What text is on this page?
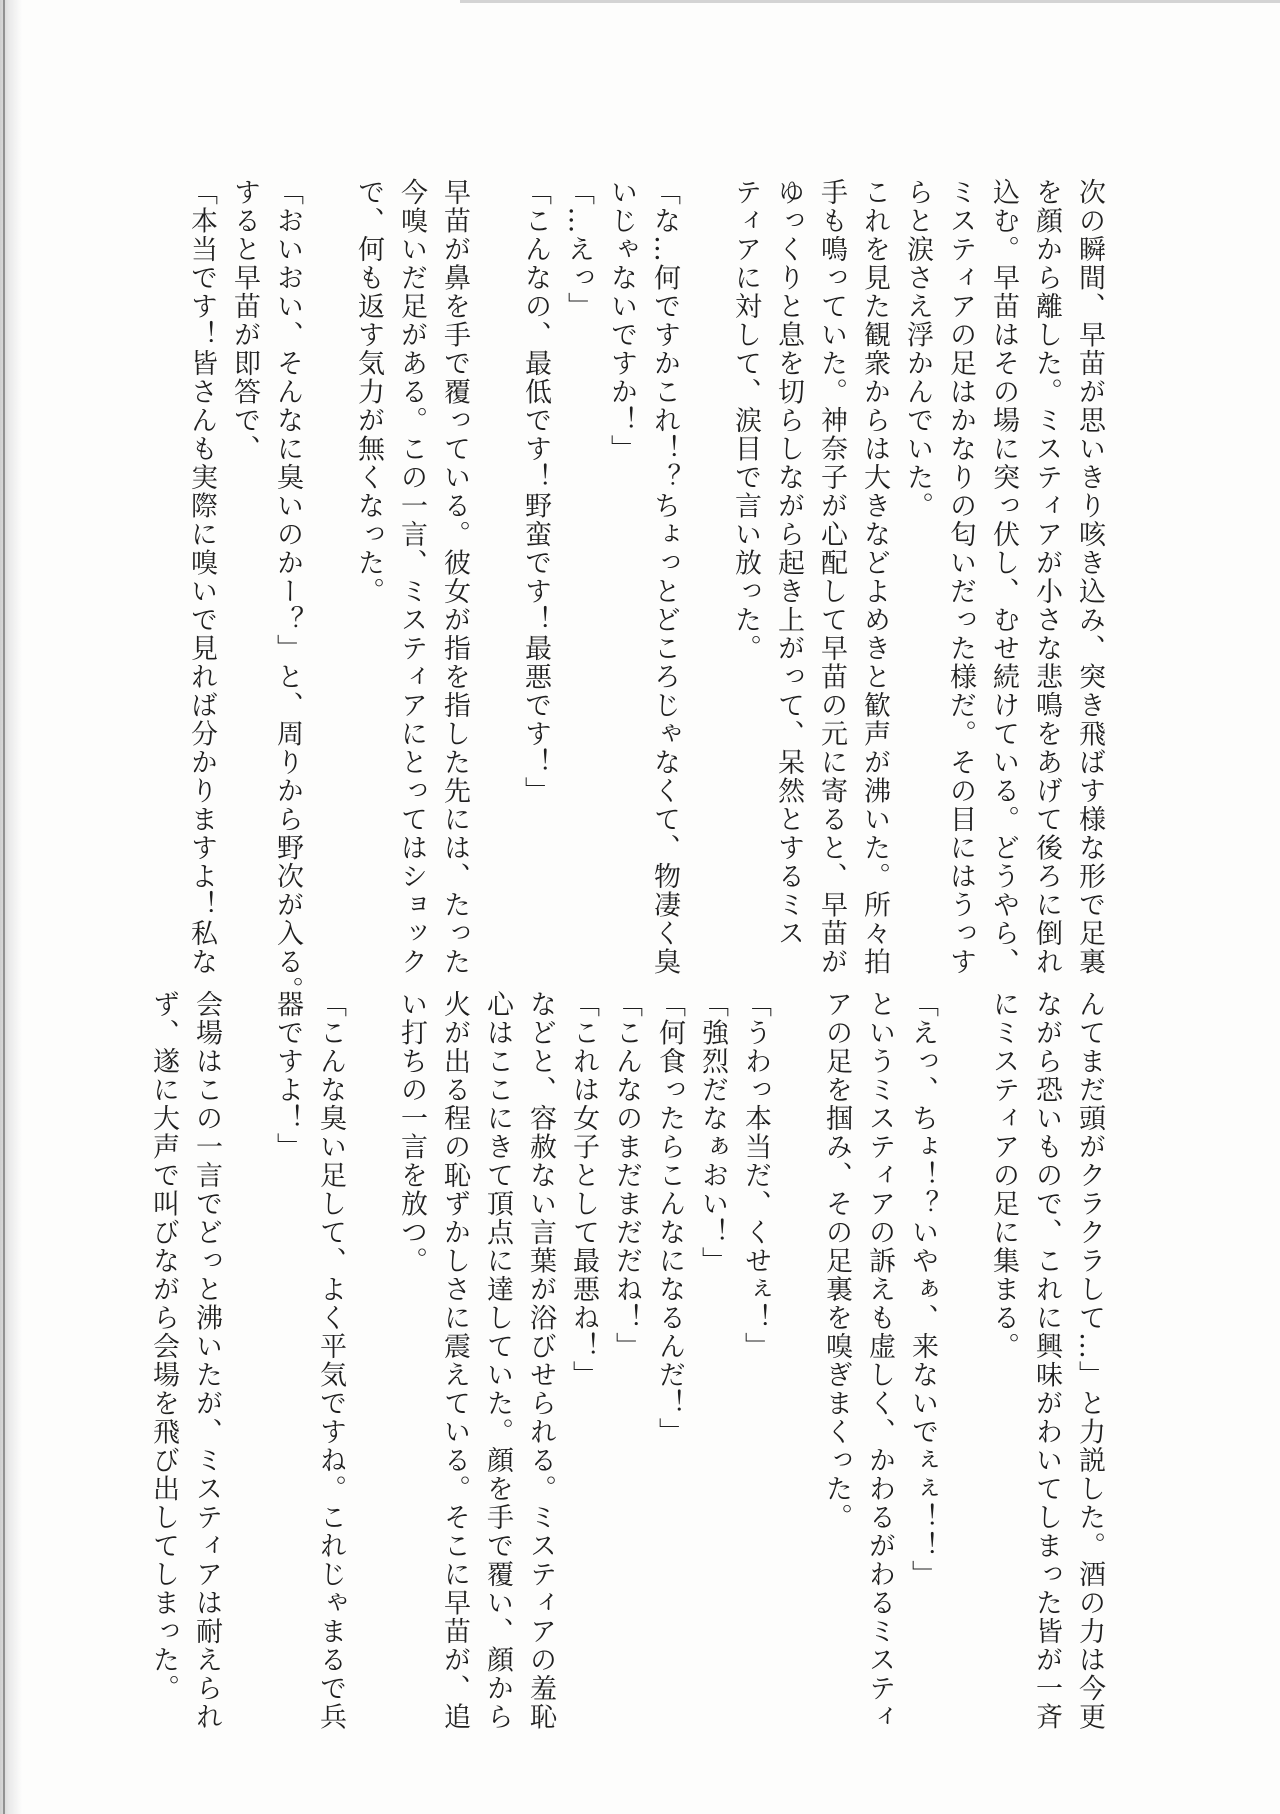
次の瞬間、早苗が思いきり咳き込み、突き飛ばす様な形で足裏
を顔から離した。ミスティアが小さな悲鳴をあげて後ろに倒れ
込む。早苗はその場に突っ伏し、むせ続けている。どうやら、
ミスティアの足はかなりの匂いだった様だ。その目にはうっす
らと涙さえ浮かんでいた。
これを見た観衆からは大きなどよめきと歓声が沸いた。所々拍
手も鳴っていた。神奈子が心配して早苗の元に寄ると、早苗が
ゆっくりと息を切らしながら起き上がって、呆然とするミス
ティアに対して、涙目で言い放った。
「な…何ですかこれ！？ちょっとどころじゃなくて、物凄く臭
いじゃないですか！」
「…えっ」
「こんなの、最低です！野蛮です！最悪です！」
早苗が鼻を手で覆っている。彼女が指を指した先には、たった
今嗅いだ足がある。この一言、ミスティアにとってはショック
で、何も返す気力が無くなった。
「おいおい、そんなに臭いのかー？」と、周りから野次が入る。
すると早苗が即答で、
「本当です！皆さんも実際に嗅いで見れば分かりますよ！私な
んてまだ頭がクラクラして…」と力説した。酒の力は今更
ながら恐いもので、これに興味がわいてしまった皆が一斉
にミスティアの足に集まる。
「えっ、ちょ！？いやぁ、来ないでぇぇ！！」
というミスティアの訴えも虚しく、かわるがわるミスティ
アの足を掴み、その足裏を嗅ぎまくった。
「うわっ本当だ、くせぇ！」
「強烈だなぁおい！」
「何食ったらこんなになるんだ！」
「こんなのまだまだだね！」
「これは女子として最悪ね！」
などと、容赦ない言葉が浴びせられる。ミスティアの羞恥
心はここにきて頂点に達していた。顔を手で覆い、顔から
火が出る程の恥ずかしさに震えている。そこに早苗が、追
い打ちの一言を放つ。
「こんな臭い足して、よく平気ですね。これじゃまるで兵
器ですよ！」
会場はこの一言でどっと沸いたが、ミスティアは耐えられ
ず、遂に大声で叫びながら会場を飛び出してしまった。
